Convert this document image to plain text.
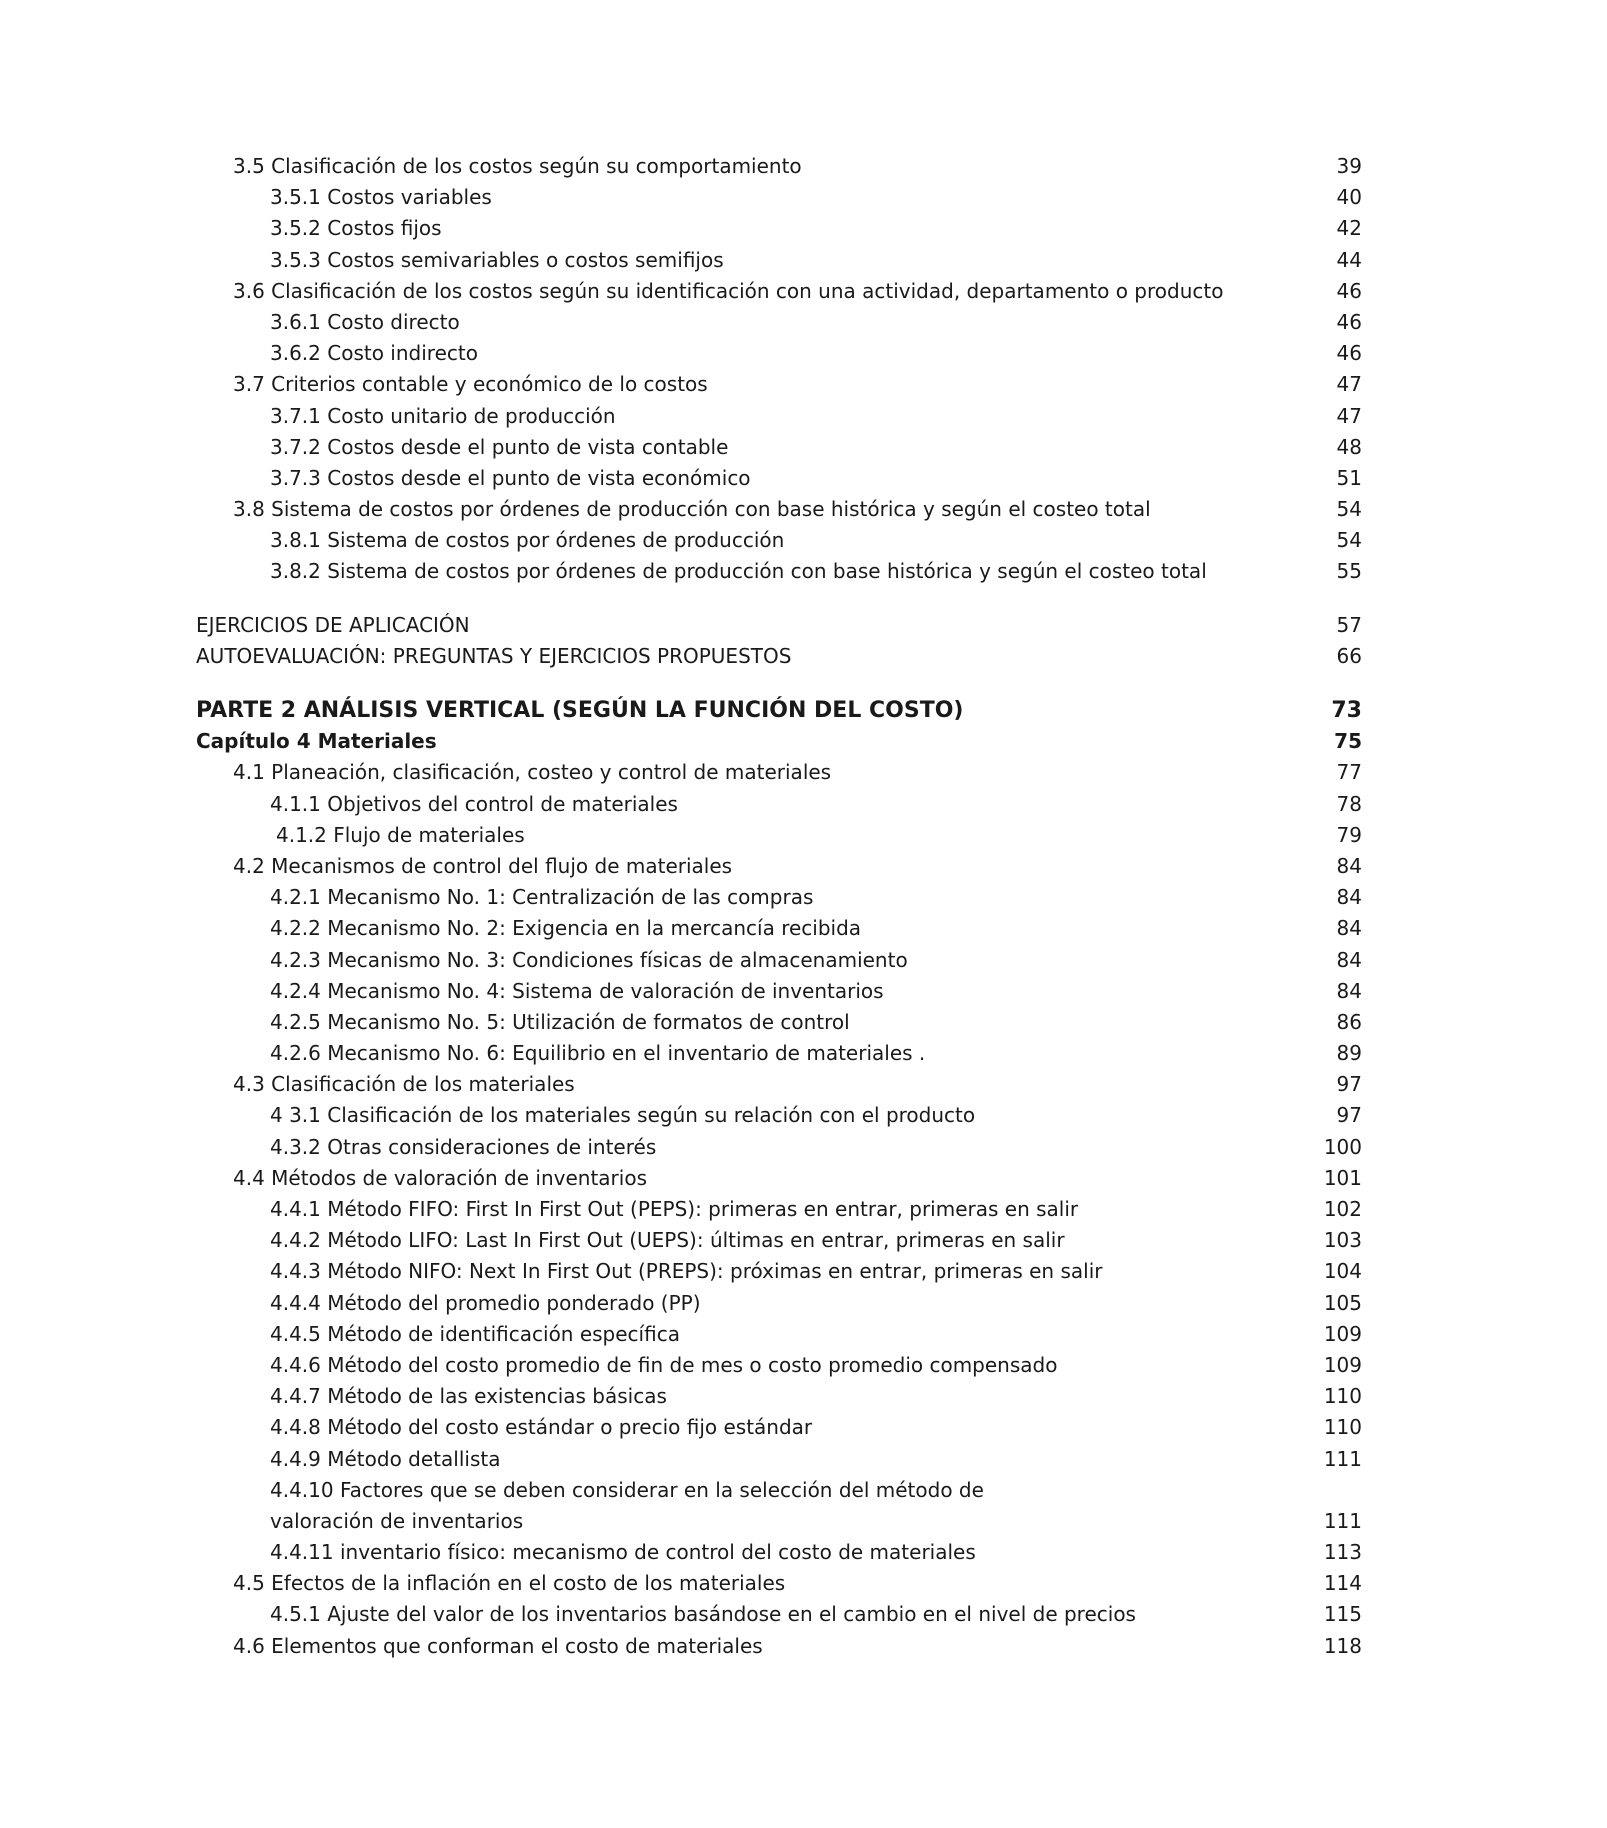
3.5 Clasificación de los costos según su comportamiento	39
3.5.1 Costos variables	40
3.5.2 Costos fijos	42
3.5.3 Costos semivariables o costos semifijos	44
3.6 Clasificación de los costos según su identificación con una actividad, departamento o producto	46
3.6.1 Costo directo	46
3.6.2 Costo indirecto	46
3.7 Criterios contable y económico de lo costos	47
3.7.1 Costo unitario de producción	47
3.7.2 Costos desde el punto de vista contable	48
3.7.3 Costos desde el punto de vista económico	51
3.8 Sistema de costos por órdenes de producción con base histórica y según el costeo total	54
3.8.1 Sistema de costos por órdenes de producción	54
3.8.2 Sistema de costos por órdenes de producción con base histórica y según el costeo total	55
EJERCICIOS DE APLICACIÓN	57
AUTOEVALUACIÓN: PREGUNTAS Y EJERCICIOS PROPUESTOS	66
PARTE 2 ANÁLISIS VERTICAL (SEGÚN LA FUNCIÓN DEL COSTO)	73
Capítulo 4 Materiales	75
4.1 Planeación, clasificación, costeo y control de materiales	77
4.1.1 Objetivos del control de materiales	78
4.1.2 Flujo de materiales	79
4.2 Mecanismos de control del flujo de materiales	84
4.2.1 Mecanismo No. 1: Centralización de las compras	84
4.2.2 Mecanismo No. 2: Exigencia en la mercancía recibida	84
4.2.3 Mecanismo No. 3: Condiciones físicas de almacenamiento	84
4.2.4 Mecanismo No. 4: Sistema de valoración de inventarios	84
4.2.5 Mecanismo No. 5: Utilización de formatos de control	86
4.2.6 Mecanismo No. 6: Equilibrio en el inventario de materiales .	89
4.3 Clasificación de los materiales	97
4 3.1 Clasificación de los materiales según su relación con el producto	97
4.3.2 Otras consideraciones de interés	100
4.4 Métodos de valoración de inventarios	101
4.4.1 Método FIFO: First In First Out (PEPS): primeras en entrar, primeras en salir	102
4.4.2 Método LIFO: Last In First Out (UEPS): últimas en entrar, primeras en salir	103
4.4.3 Método NIFO: Next In First Out (PREPS): próximas en entrar, primeras en salir	104
4.4.4 Método del promedio ponderado (PP)	105
4.4.5 Método de identificación específica	109
4.4.6 Método del costo promedio de fin de mes o costo promedio compensado	109
4.4.7 Método de las existencias básicas	110
4.4.8 Método del costo estándar o precio fijo estándar	110
4.4.9 Método detallista	111
4.4.10 Factores que se deben considerar en la selección del método de
valoración de inventarios	111
4.4.11 inventario físico: mecanismo de control del costo de materiales	113
4.5 Efectos de la inflación en el costo de los materiales	114
4.5.1 Ajuste del valor de los inventarios basándose en el cambio en el nivel de precios	115
4.6 Elementos que conforman el costo de materiales	118
